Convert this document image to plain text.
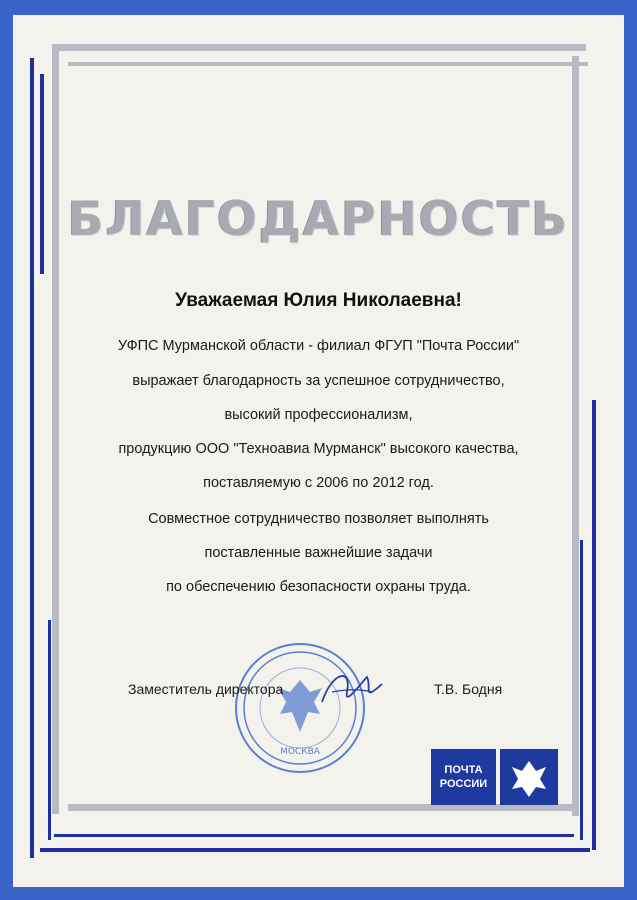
БЛАГОДАРНОСТЬ
Уважаемая Юлия Николаевна!
УФПС Мурманской области - филиал ФГУП "Почта России"
выражает благодарность за успешное сотрудничество,
высокий профессионализм,
продукцию ООО "Техноавиа Мурманск" высокого качества,
поставляемую с 2006 по 2012 год.
Совместное сотрудничество позволяет выполнять
поставленные важнейшие задачи
по обеспечению безопасности охраны труда.
МОСКВА
Заместитель директора	Т.В. Бодня
ПОЧТА
РОССИИ
